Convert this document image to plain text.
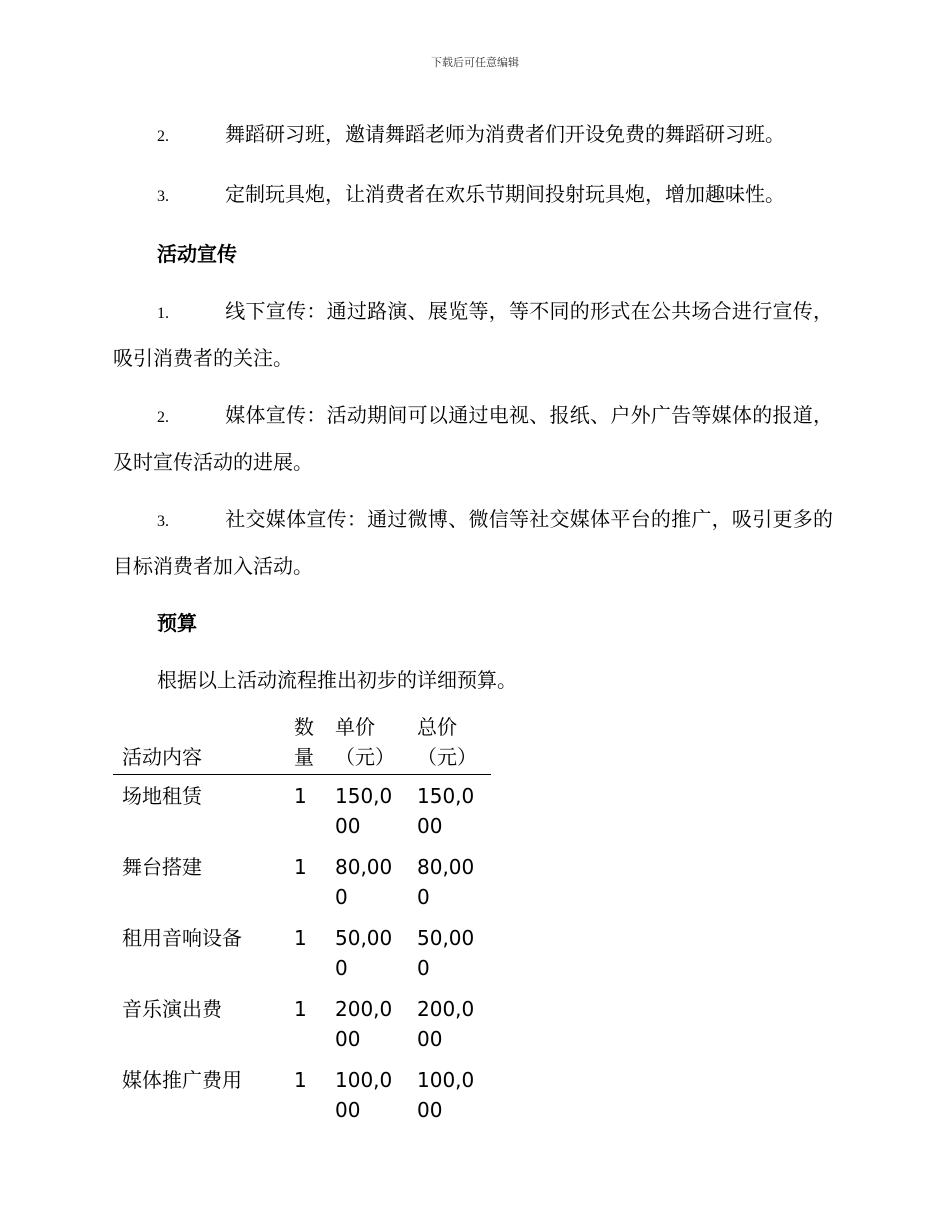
下载后可任意编辑
2.	舞蹈研习班，邀请舞蹈老师为消费者们开设免费的舞蹈研习班。
3.	定制玩具炮，让消费者在欢乐节期间投射玩具炮，增加趣味性。
活动宣传
1.	线下宣传：通过路演、展览等，等不同的形式在公共场合进行宣传，吸引消费者的关注。
2.	媒体宣传：活动期间可以通过电视、报纸、户外广告等媒体的报道，及时宣传活动的进展。
3.	社交媒体宣传：通过微博、微信等社交媒体平台的推广，吸引更多的目标消费者加入活动。
预算
根据以上活动流程推出初步的详细预算。
活动内容	数量	单价（元）	总价（元）

场地租赁	1	150,000	150,000

舞台搭建	1	80,000	80,000

租用音响设备	1	50,000	50,000

音乐演出费	1	200,000	200,000

媒体推广费用	1	100,000	100,000
